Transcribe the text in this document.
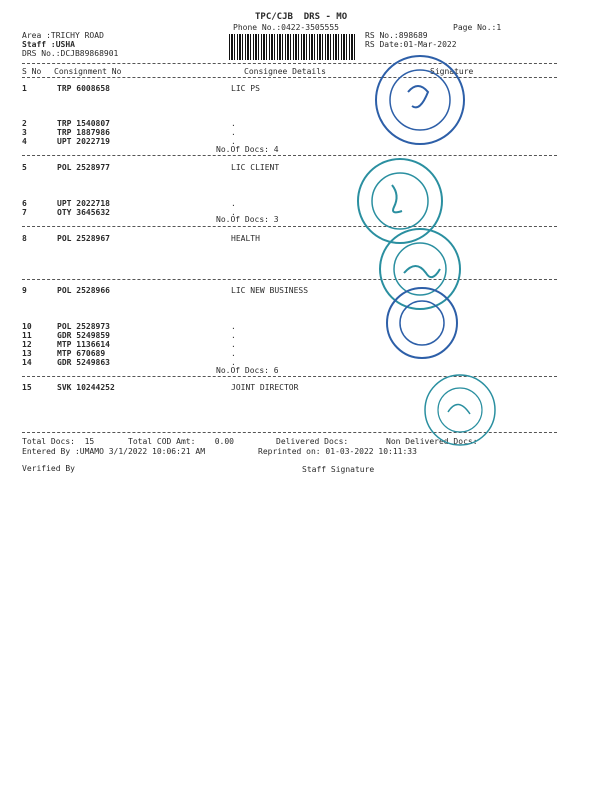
TPC/CJB  DRS - MO
Phone No.:0422-3505555	Page No.:1
Area :TRICHY ROAD
Staff :USHA
DRS No.:DCJB89868901
RS No.:898689
RS Date:01-Mar-2022
S No Consignment No	Consignee Details	Signature
1	TRP 6008658	LIC PS
2	TRP 1540807	.
3	TRP 1887986	.
4	UPT 2022719	.
No.Of Docs: 4
5	POL 2528977	LIC CLIENT
6	UPT 2022718	.
7	OTY 3645632	.
No.Of Docs: 3
8	POL 2528967	HEALTH
9	POL 2528966	LIC NEW BUSINESS
10	POL 2528973	.
11	GDR 5249859	.
12	MTP 1136614	.
13	MTP 670689	.
14	GDR 5249863	.
No.Of Docs: 6
15	SVK 10244252	JOINT DIRECTOR
Total Docs:  15	Total COD Amt:    0.00	Delivered Docs:	Non Delivered Docs:
Entered By :UMAMO 3/1/2022 10:06:21 AM	Reprinted on: 01-03-2022 10:11:33
Verified By	Staff Signature
